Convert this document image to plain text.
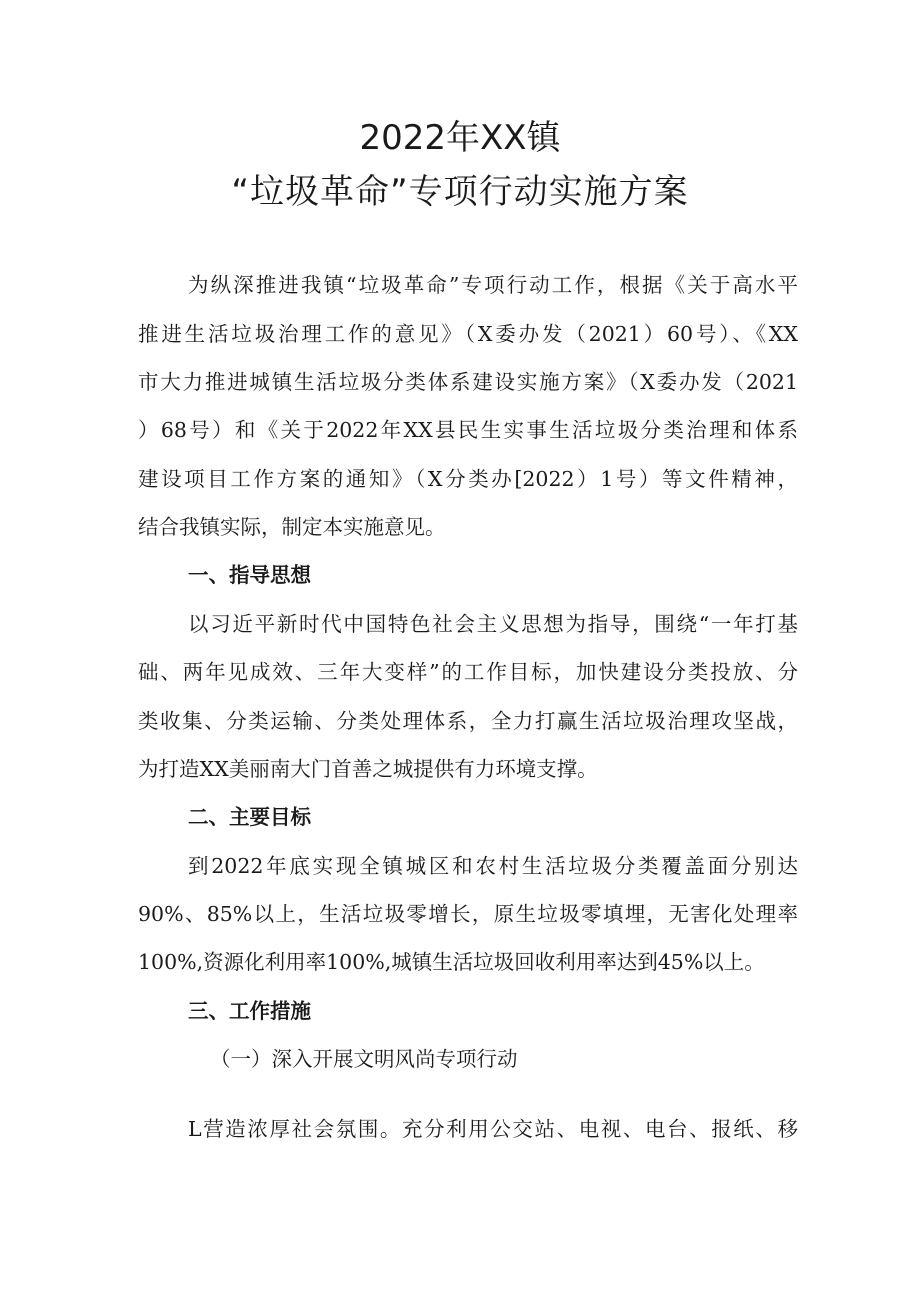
2022年XX镇
“垃圾革命”专项行动实施方案

为纵深推进我镇“垃圾革命”专项行动工作，根据《关于高水平

推进生活垃圾治理工作的意见》（X委办发（2021）60号）、《XX

市大力推进城镇生活垃圾分类体系建设实施方案》（X委办发（2021

）68号）和《关于2022年XX县民生实事生活垃圾分类治理和体系

建设项目工作方案的通知》（X分类办[2022）1号）等文件精神，

结合我镇实际，制定本实施意见。

一、指导思想

以习近平新时代中国特色社会主义思想为指导，围绕“一年打基

础、两年见成效、三年大变样”的工作目标，加快建设分类投放、分

类收集、分类运输、分类处理体系，全力打赢生活垃圾治理攻坚战，

为打造XX美丽南大门首善之城提供有力环境支撑。

二、主要目标

到2022年底实现全镇城区和农村生活垃圾分类覆盖面分别达

90%、85%以上，生活垃圾零增长，原生垃圾零填埋，无害化处理率

100%,资源化利用率100%,城镇生活垃圾回收利用率达到45%以上。

三、工作措施

（一）深入开展文明风尚专项行动

L营造浓厚社会氛围。充分利用公交站、电视、电台、报纸、移
